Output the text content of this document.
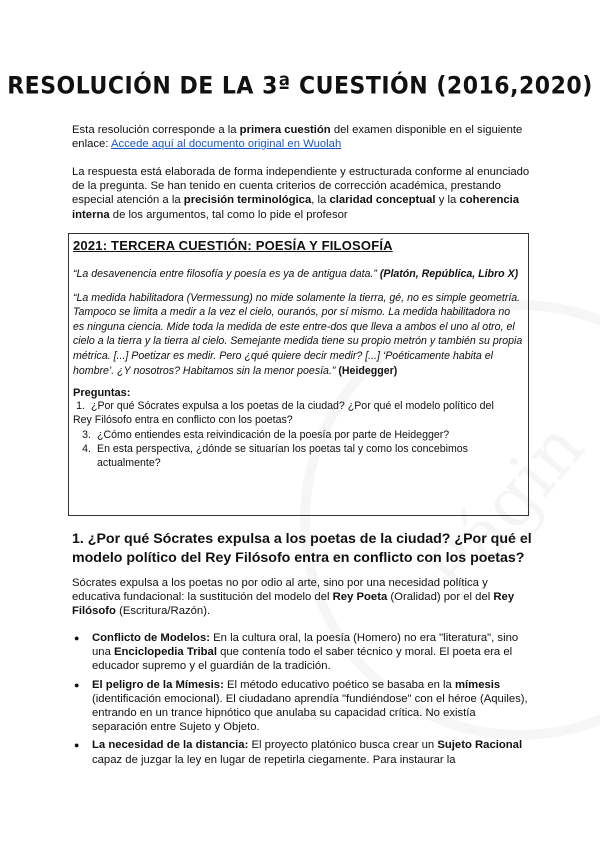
RESOLUCIÓN DE LA 3ª CUESTIÓN (2016,2020)

Esta resolución corresponde a la primera cuestión del examen disponible en el siguiente enlace: Accede aquí al documento original en Wuolah

La respuesta está elaborada de forma independiente y estructurada conforme al enunciado de la pregunta. Se han tenido en cuenta criterios de corrección académica, prestando especial atención a la precisión terminológica, la claridad conceptual y la coherencia interna de los argumentos, tal como lo pide el profesor

2021: TERCERA CUESTIÓN: POESÍA Y FILOSOFÍA

“La desavenencia entre filosofía y poesía es ya de antigua data.” (Platón, República, Libro X)

“La medida habilitadora (Vermessung) no mide solamente la tierra, gé, no es simple geometría. Tampoco se limita a medir a la vez el cielo, ouranós, por sí mismo. La medida habilitadora no es ninguna ciencia. Mide toda la medida de este entre-dos que lleva a ambos el uno al otro, el cielo a la tierra y la tierra al cielo. Semejante medida tiene su propio metrón y también su propia métrica. [...] Poetizar es medir. Pero ¿qué quiere decir medir? [...] ‘Poéticamente habita el hombre’. ¿Y nosotros? Habitamos sin la menor poesía.” (Heidegger)

Preguntas:

1. ¿Por qué Sócrates expulsa a los poetas de la ciudad? ¿Por qué el modelo político del
Rey Filósofo entra en conflicto con los poetas?
3. ¿Cómo entiendes esta reivindicación de la poesía por parte de Heidegger?
4. En esta perspectiva, ¿dónde se situarían los poetas tal y como los concebimos
actualmente?
1. ¿Por qué Sócrates expulsa a los poetas de la ciudad? ¿Por qué el modelo político del Rey Filósofo entra en conflicto con los poetas?

Sócrates expulsa a los poetas no por odio al arte, sino por una necesidad política y educativa fundacional: la sustitución del modelo del Rey Poeta (Oralidad) por el del Rey Filósofo (Escritura/Razón).

● Conflicto de Modelos: En la cultura oral, la poesía (Homero) no era "literatura", sino una Enciclopedia Tribal que contenía todo el saber técnico y moral. El poeta era el educador supremo y el guardián de la tradición.
● El peligro de la Mímesis: El método educativo poético se basaba en la mímesis (identificación emocional). El ciudadano aprendía "fundiéndose" con el héroe (Aquiles), entrando en un trance hipnótico que anulaba su capacidad crítica. No existía separación entre Sujeto y Objeto.
● La necesidad de la distancia: El proyecto platónico busca crear un Sujeto Racional capaz de juzgar la ley en lugar de repetirla ciegamente. Para instaurar la
